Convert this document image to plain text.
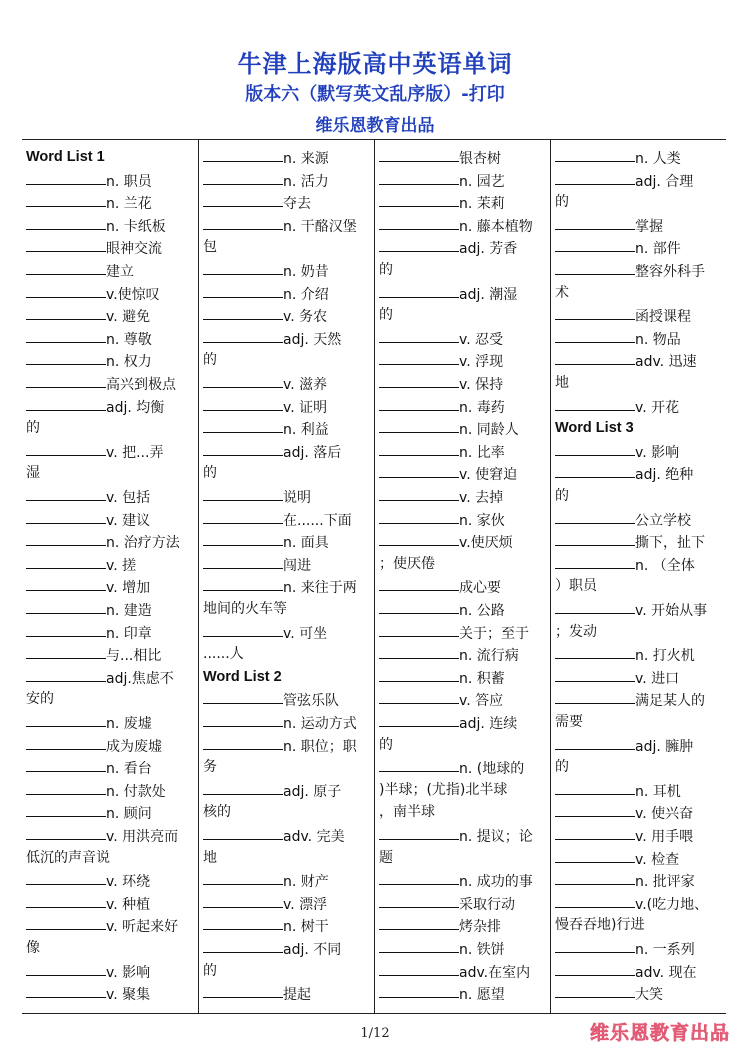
牛津上海版高中英语单词
版本六（默写英文乱序版）-打印
维乐恩教育出品
Word List 1
n. 职员
n. 兰花
n. 卡纸板
眼神交流
建立
v.使惊叹
v. 避免
n. 尊敬
n. 权力
高兴到极点
adj. 均衡
的
v. 把...弄
湿
v. 包括
v. 建议
n. 治疗方法
v. 搓
v. 增加
n. 建造
n. 印章
与...相比
adj.焦虑不
安的
n. 废墟
成为废墟
n. 看台
n. 付款处
n. 顾问
v. 用洪亮而
低沉的声音说
v. 环绕
v. 种植
v. 听起来好
像
v. 影响
v. 聚集
n. 来源
n. 活力
夺去
n. 干酪汉堡
包
n. 奶昔
n. 介绍
v. 务农
adj. 天然
的
v. 滋养
v. 证明
n. 利益
adj. 落后
的
说明
在......下面
n. 面具
闯进
n. 来往于两
地间的火车等
v. 可坐
......人
Word List 2
管弦乐队
n. 运动方式
n. 职位；职
务
adj. 原子
核的
adv. 完美
地
n. 财产
v. 漂浮
n. 树干
adj. 不同
的
提起
银杏树
n. 园艺
n. 茉莉
n. 藤本植物
adj. 芳香
的
adj. 潮湿
的
v. 忍受
v. 浮现
v. 保持
n. 毒药
n. 同龄人
n. 比率
v. 使窘迫
v. 去掉
n. 家伙
v.使厌烦
；使厌倦
成心要
n. 公路
关于；至于
n. 流行病
n. 积蓄
v. 答应
adj. 连续
的
n. (地球的
)半球；(尤指)北半球
，南半球
n. 提议；论
题
n. 成功的事
采取行动
烤杂排
n. 铁饼
adv.在室内
n. 愿望
n. 人类
adj. 合理
的
掌握
n. 部件
整容外科手
术
函授课程
n. 物品
adv. 迅速
地
v. 开花
Word List 3
v. 影响
adj. 绝种
的
公立学校
撕下，扯下
n. （全体
）职员
v. 开始从事
；发动
n. 打火机
v. 进口
满足某人的
需要
adj. 臃肿
的
n. 耳机
v. 使兴奋
v. 用手喂
v. 检查
n. 批评家
v.(吃力地、
慢吞吞地)行进
n. 一系列
adv. 现在
大笑
1/12	维乐恩教育出品
